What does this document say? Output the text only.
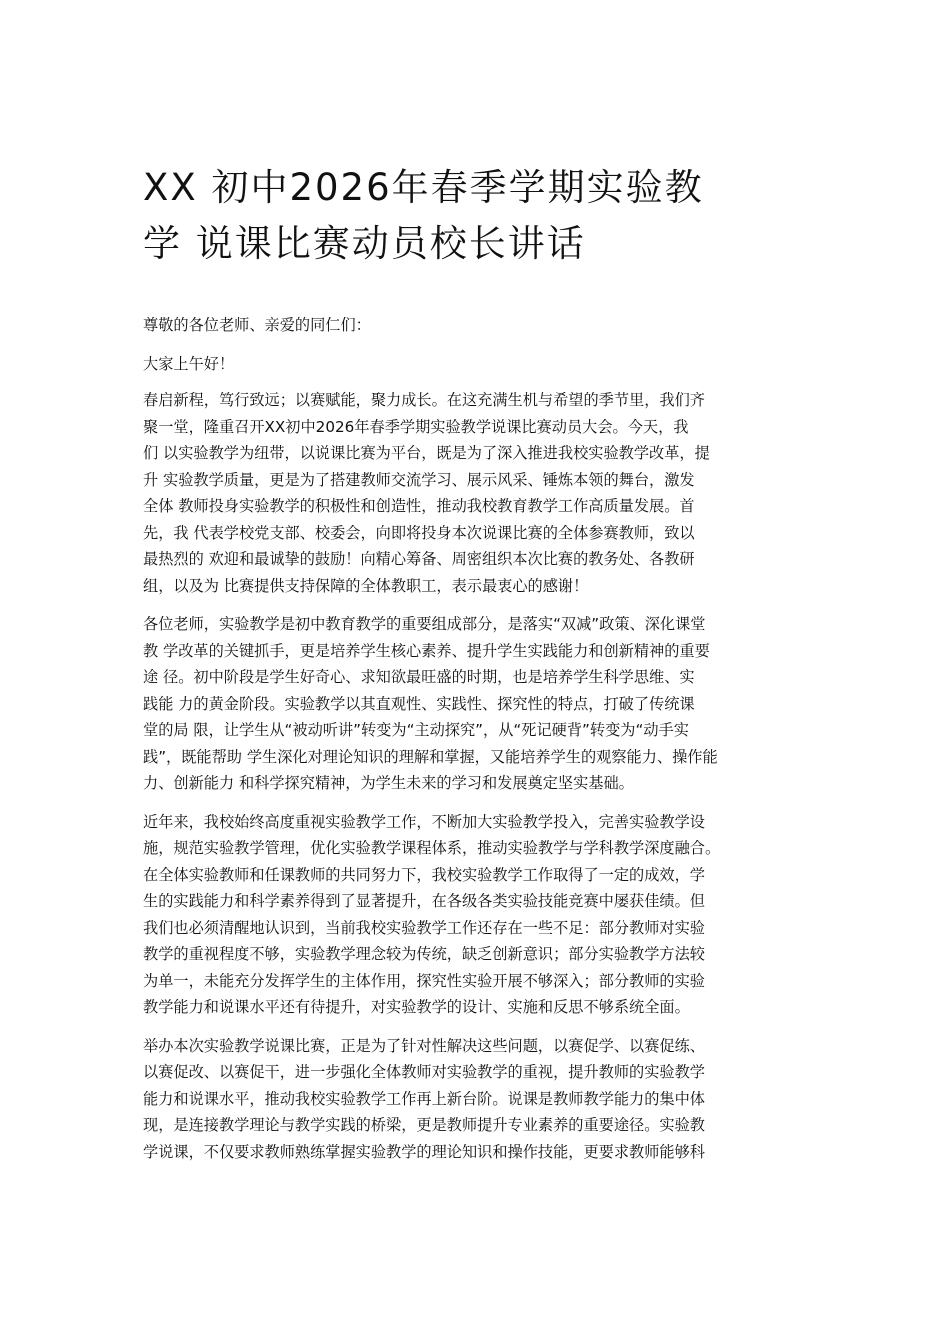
XX 初中2026年春季学期实验教
学 说课比赛动员校长讲话

尊敬的各位老师、亲爱的同仁们：

大家上午好！

春启新程，笃行致远；以赛赋能，聚力成长。在这充满生机与希望的季节里，我们齐
聚一堂，隆重召开XX初中2026年春季学期实验教学说课比赛动员大会。今天，我
们 以实验教学为纽带，以说课比赛为平台，既是为了深入推进我校实验教学改革，提
升 实验教学质量，更是为了搭建教师交流学习、展示风采、锤炼本领的舞台，激发
全体 教师投身实验教学的积极性和创造性，推动我校教育教学工作高质量发展。首
先，我 代表学校党支部、校委会，向即将投身本次说课比赛的全体参赛教师，致以
最热烈的 欢迎和最诚挚的鼓励！向精心筹备、周密组织本次比赛的教务处、各教研
组，以及为 比赛提供支持保障的全体教职工，表示最衷心的感谢！

各位老师，实验教学是初中教育教学的重要组成部分，是落实“双减”政策、深化课堂
教 学改革的关键抓手，更是培养学生核心素养、提升学生实践能力和创新精神的重要
途 径。初中阶段是学生好奇心、求知欲最旺盛的时期，也是培养学生科学思维、实
践能 力的黄金阶段。实验教学以其直观性、实践性、探究性的特点，打破了传统课
堂的局 限，让学生从“被动听讲”转变为“主动探究”，从“死记硬背”转变为“动手实
践”，既能帮助 学生深化对理论知识的理解和掌握，又能培养学生的观察能力、操作能
力、创新能力 和科学探究精神，为学生未来的学习和发展奠定坚实基础。

近年来，我校始终高度重视实验教学工作，不断加大实验教学投入，完善实验教学设
施，规范实验教学管理，优化实验教学课程体系，推动实验教学与学科教学深度融合。
在全体实验教师和任课教师的共同努力下，我校实验教学工作取得了一定的成效，学
生的实践能力和科学素养得到了显著提升，在各级各类实验技能竞赛中屡获佳绩。但
我们也必须清醒地认识到，当前我校实验教学工作还存在一些不足：部分教师对实验
教学的重视程度不够，实验教学理念较为传统，缺乏创新意识；部分实验教学方法较
为单一，未能充分发挥学生的主体作用，探究性实验开展不够深入；部分教师的实验
教学能力和说课水平还有待提升，对实验教学的设计、实施和反思不够系统全面。

举办本次实验教学说课比赛，正是为了针对性解决这些问题，以赛促学、以赛促练、
以赛促改、以赛促干，进一步强化全体教师对实验教学的重视，提升教师的实验教学
能力和说课水平，推动我校实验教学工作再上新台阶。说课是教师教学能力的集中体
现，是连接教学理论与教学实践的桥梁，更是教师提升专业素养的重要途径。实验教
学说课，不仅要求教师熟练掌握实验教学的理论知识和操作技能，更要求教师能够科
